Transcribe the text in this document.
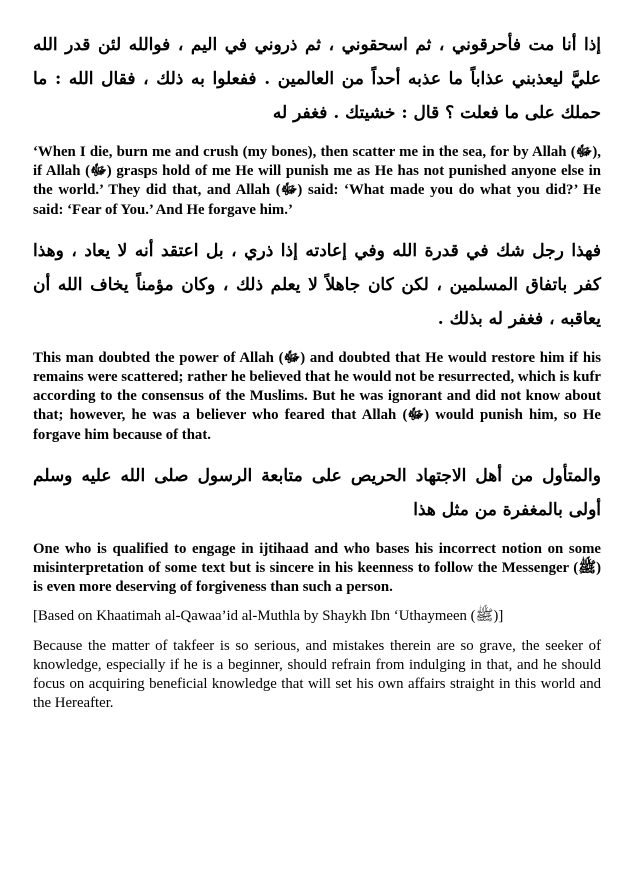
إذا أنا مت فأحرقوني ، ثم اسحقوني ، ثم ذروني في اليم ، فوالله لئن قدر الله عليَّ ليعذبني عذاباً ما عذبه أحداً من العالمين . ففعلوا به ذلك ، فقال الله : ما حملك على ما فعلت ؟ قال : خشيتك . فغفر له

‘When I die, burn me and crush (my bones), then scatter me in the sea, for by Allah (ﷻ), if Allah (ﷻ) grasps hold of me He will punish me as He has not punished anyone else in the world.’ They did that, and Allah (ﷻ) said: ‘What made you do what you did?’ He said: ‘Fear of You.’ And He forgave him.’

فهذا رجل شك في قدرة الله وفي إعادته إذا ذري ، بل اعتقد أنه لا يعاد ، وهذا كفر باتفاق المسلمين ، لكن كان جاهلاً لا يعلم ذلك ، وكان مؤمناً يخاف الله أن يعاقبه ، فغفر له بذلك .

This man doubted the power of Allah (ﷻ) and doubted that He would restore him if his remains were scattered; rather he believed that he would not be resurrected, which is kufr according to the consensus of the Muslims. But he was ignorant and did not know about that; however, he was a believer who feared that Allah (ﷻ) would punish him, so He forgave him because of that.

والمتأول من أهل الاجتهاد الحريص على متابعة الرسول صلى الله عليه وسلم أولى بالمغفرة من مثل هذا

One who is qualified to engage in ijtihaad and who bases his incorrect notion on some misinterpretation of some text but is sincere in his keenness to follow the Messenger (ﷺ) is even more deserving of forgiveness than such a person.

[Based on Khaatimah al-Qawaa’id al-Muthla by Shaykh Ibn ‘Uthaymeen (ﷺ)]

Because the matter of takfeer is so serious, and mistakes therein are so grave, the seeker of knowledge, especially if he is a beginner, should refrain from indulging in that, and he should focus on acquiring beneficial knowledge that will set his own affairs straight in this world and the Hereafter.
